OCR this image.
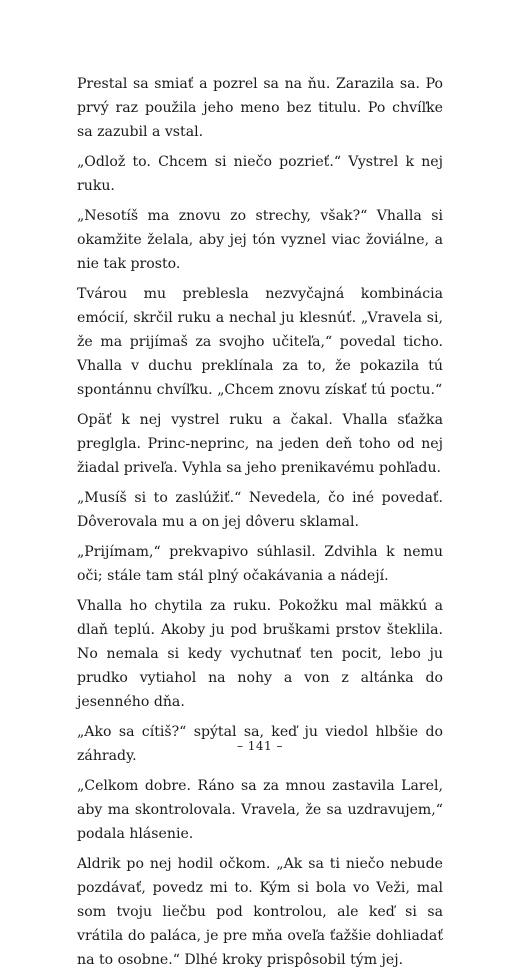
Prestal sa smiať a pozrel sa na ňu. Zarazila sa. Po prvý raz použila jeho meno bez titulu. Po chvíľke sa zazubil a vstal.

„Odlož to. Chcem si niečo pozrieť.“ Vystrel k nej ruku.

„Nesotíš ma znovu zo strechy, však?“ Vhalla si okamžite želala, aby jej tón vyznel viac žoviálne, a nie tak prosto.

Tvárou mu preblesla nezvyčajná kombinácia emócií, skrčil ruku a nechal ju klesnúť. „Vravela si, že ma prijímaš za svojho učiteľa,“ povedal ticho. Vhalla v duchu preklínala za to, že pokazila tú spontánnu chvíľku. „Chcem znovu získať tú poctu.“

Opäť k nej vystrel ruku a čakal. Vhalla sťažka preglgla. Princ-neprinc, na jeden deň toho od nej žiadal priveľa. Vyhla sa jeho prenikavému pohľadu.

„Musíš si to zaslúžiť.“ Nevedela, čo iné povedať. Dôverovala mu a on jej dôveru sklamal.

„Prijímam,“ prekvapivo súhlasil. Zdvihla k nemu oči; stále tam stál plný očakávania a nádejí.

Vhalla ho chytila za ruku. Pokožku mal mäkkú a dlaň teplú. Akoby ju pod bruškami prstov šteklila. No nemala si kedy vychutnať ten pocit, lebo ju prudko vytiahol na nohy a von z altánka do jesenného dňa.

„Ako sa cítiš?“ spýtal sa, keď ju viedol hlbšie do záhrady.

„Celkom dobre. Ráno sa za mnou zastavila Larel, aby ma skontrolovala. Vravela, že sa uzdravujem,“ podala hlásenie.

Aldrik po nej hodil očkom. „Ak sa ti niečo nebude pozdávať, povedz mi to. Kým si bola vo Veži, mal som tvoju liečbu pod kontrolou, ale keď si sa vrátila do paláca, je pre mňa oveľa ťažšie dohliadať na to osobne.“ Dlhé kroky prispôsobil tým jej.

– 141 –
